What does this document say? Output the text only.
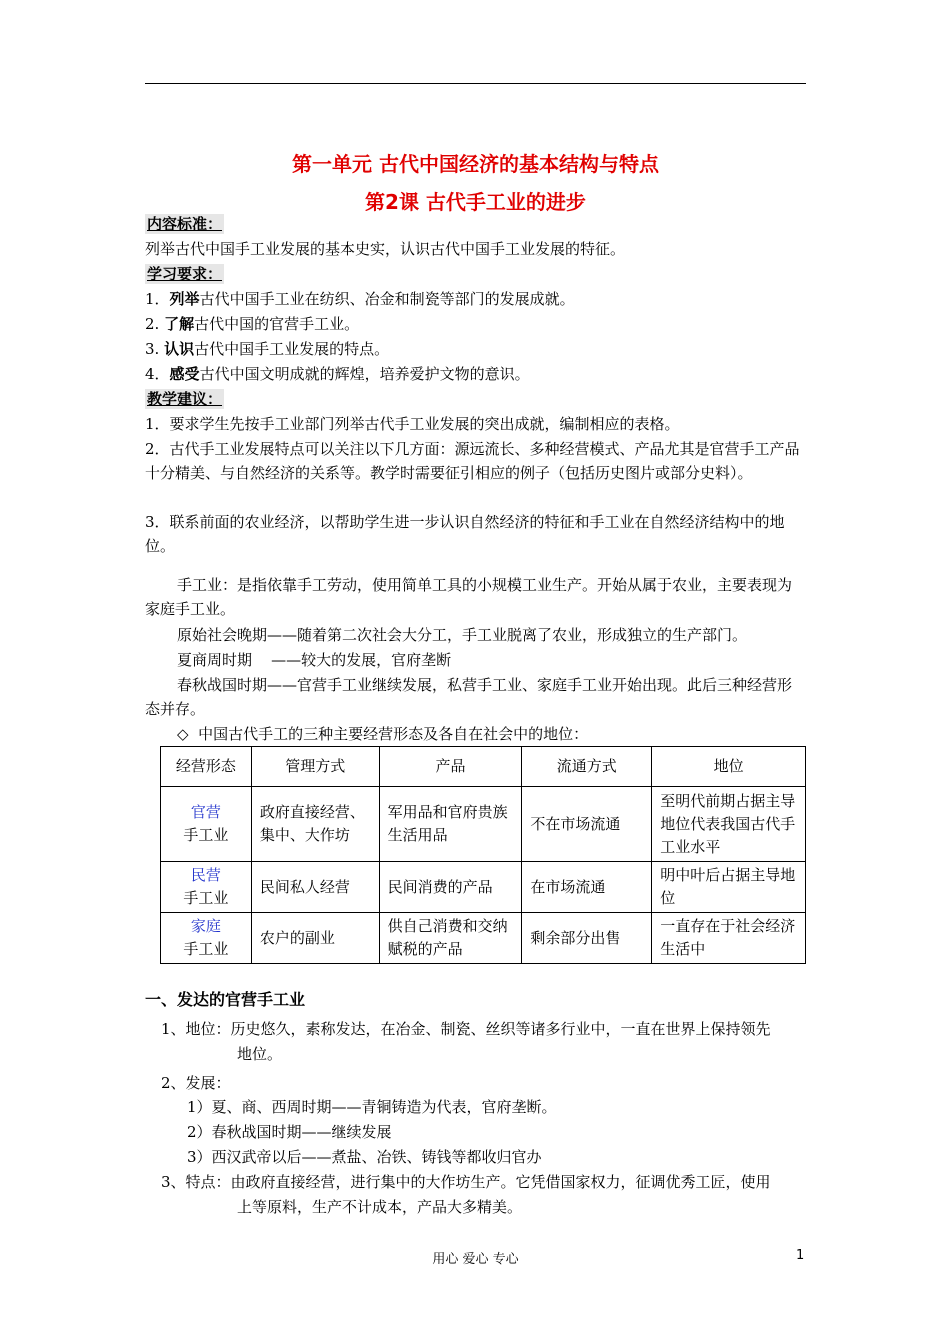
第一单元 古代中国经济的基本结构与特点
第2课 古代手工业的进步
内容标准：
列举古代中国手工业发展的基本史实，认识古代中国手工业发展的特征。
学习要求：
1．列举古代中国手工业在纺织、冶金和制瓷等部门的发展成就。
2. 了解古代中国的官营手工业。
3. 认识古代中国手工业发展的特点。
4．感受古代中国文明成就的辉煌，培养爱护文物的意识。
教学建议：
1．要求学生先按手工业部门列举古代手工业发展的突出成就，编制相应的表格。
2．古代手工业发展特点可以关注以下几方面：源远流长、多种经营模式、产品尤其是官营手工产品十分精美、与自然经济的关系等。教学时需要征引相应的例子（包括历史图片或部分史料）。
3．联系前面的农业经济，以帮助学生进一步认识自然经济的特征和手工业在自然经济结构中的地位。
手工业：是指依靠手工劳动，使用简单工具的小规模工业生产。开始从属于农业，主要表现为家庭手工业。
原始社会晚期——随着第二次社会大分工，手工业脱离了农业，形成独立的生产部门。
夏商周时期    ——较大的发展，官府垄断
春秋战国时期——官营手工业继续发展，私营手工业、家庭手工业开始出现。此后三种经营形态并存。
◇  中国古代手工的三种主要经营形态及各自在社会中的地位：
经营形态	管理方式	产品	流通方式	地位
官营
手工业	政府直接经营、集中、大作坊	军用品和官府贵族生活用品	不在市场流通	至明代前期占据主导地位代表我国古代手工业水平
民营
手工业	民间私人经营	民间消费的产品	在市场流通	明中叶后占据主导地位
家庭
手工业	农户的副业	供自己消费和交纳赋税的产品	剩余部分出售	一直存在于社会经济生活中
一、发达的官营手工业
1、地位：历史悠久，素称发达，在冶金、制瓷、丝织等诸多行业中，一直在世界上保持领先
地位。
2、发展：
1）夏、商、西周时期——青铜铸造为代表，官府垄断。
2）春秋战国时期——继续发展
3）西汉武帝以后——煮盐、冶铁、铸钱等都收归官办
3、特点：由政府直接经营，进行集中的大作坊生产。它凭借国家权力，征调优秀工匠，使用
上等原料，生产不计成本，产品大多精美。
用心 爱心 专心	1
